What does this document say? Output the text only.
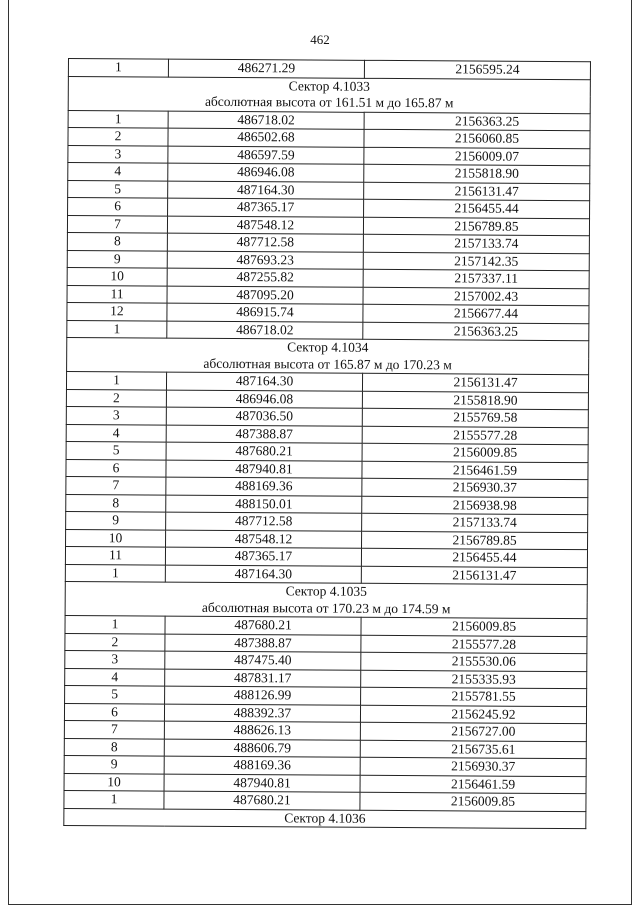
462
1	486271.29	2156595.24
Сектор 4.1033		
абсолютная высота от 161.51 м до 165.87 м		
1	486718.02	2156363.25
2	486502.68	2156060.85
3	486597.59	2156009.07
4	486946.08	2155818.90
5	487164.30	2156131.47
6	487365.17	2156455.44
7	487548.12	2156789.85
8	487712.58	2157133.74
9	487693.23	2157142.35
10	487255.82	2157337.11
11	487095.20	2157002.43
12	486915.74	2156677.44
1	486718.02	2156363.25
Сектор 4.1034		
абсолютная высота от 165.87 м до 170.23 м		
1	487164.30	2156131.47
2	486946.08	2155818.90
3	487036.50	2155769.58
4	487388.87	2155577.28
5	487680.21	2156009.85
6	487940.81	2156461.59
7	488169.36	2156930.37
8	488150.01	2156938.98
9	487712.58	2157133.74
10	487548.12	2156789.85
11	487365.17	2156455.44
1	487164.30	2156131.47
Сектор 4.1035		
абсолютная высота от 170.23 м до 174.59 м		
1	487680.21	2156009.85
2	487388.87	2155577.28
3	487475.40	2155530.06
4	487831.17	2155335.93
5	488126.99	2155781.55
6	488392.37	2156245.92
7	488626.13	2156727.00
8	488606.79	2156735.61
9	488169.36	2156930.37
10	487940.81	2156461.59
1	487680.21	2156009.85
Сектор 4.1036		
